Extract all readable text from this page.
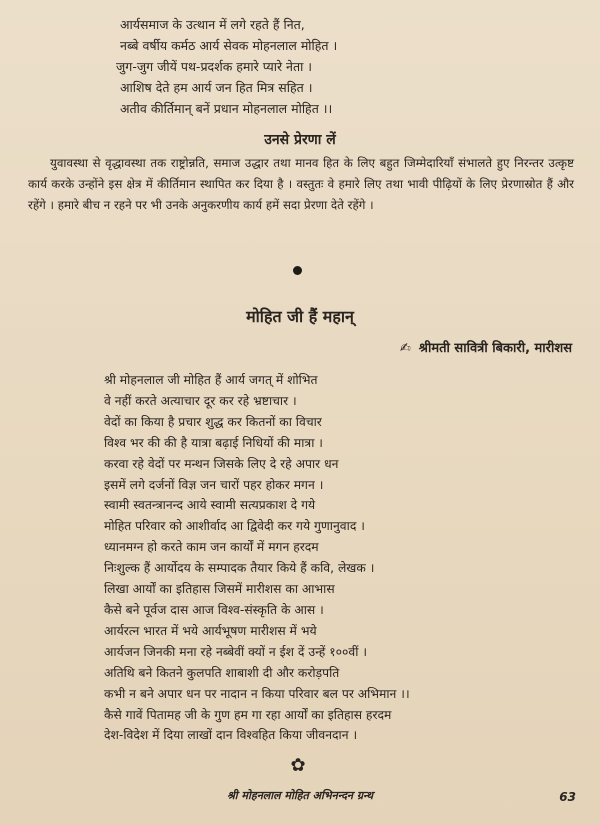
आर्यसमाज के उत्थान में लगे रहते हैं नित,
नब्बे वर्षीय कर्मठ आर्य सेवक मोहनलाल मोहित ।
जुग-जुग जीयें पथ-प्रदर्शक हमारे प्यारे नेता ।
आशिष देते हम आर्य जन हित मित्र सहित ।
अतीव कीर्तिमान् बनें प्रधान मोहनलाल मोहित ।।
उनसे प्रेरणा लें
युवावस्था से वृद्धावस्था तक राष्ट्रोन्नति, समाज उद्धार तथा मानव हित के लिए बहुत जिम्मेदारियाँ संभालते हुए निरन्तर उत्कृष्ट कार्य करके उन्होंने इस क्षेत्र में कीर्तिमान स्थापित कर दिया है । वस्तुतः वे हमारे लिए तथा भावी पीढ़ियों के लिए प्रेरणास्रोत हैं और रहेंगे । हमारे बीच न रहने पर भी उनके अनुकरणीय कार्य हमें सदा प्रेरणा देते रहेंगे ।
मोहित जी हैं महान्
✍ श्रीमती सावित्री बिकारी, मारीशस
श्री मोहनलाल जी मोहित हैं आर्य जगत् में शोभित
वे नहीं करते अत्याचार दूर कर रहे भ्रष्टाचार ।
वेदों का किया है प्रचार शुद्ध कर कितनों का विचार
विश्व भर की की है यात्रा बढ़ाई निधियों की मात्रा ।
करवा रहे वेदों पर मन्थन जिसके लिए दे रहे अपार धन
इसमें लगे दर्जनों विज्ञ जन चारों पहर होकर मगन ।
स्वामी स्वतन्त्रानन्द आये स्वामी सत्यप्रकाश दे गये
मोहित परिवार को आशीर्वाद आ द्विवेदी कर गये गुणानुवाद ।
ध्यानमग्न हो करते काम जन कार्यों में मगन हरदम
निःशुल्क हैं आर्योदय के सम्पादक तैयार किये हैं कवि, लेखक ।
लिखा आर्यों का इतिहास जिसमें मारीशस का आभास
कैसे बने पूर्वज दास आज विश्व-संस्कृति के आस ।
आर्यरत्न भारत में भये आर्यभूषण मारीशस में भये
आर्यजन जिनकी मना रहे नब्बेवीं क्यों न ईश दें उन्हें १००वीं ।
अतिथि बने कितने कुलपति शाबाशी दी और करोड़पति
कभी न बने अपार धन पर नादान न किया परिवार बल पर अभिमान ।।
कैसे गावें पितामह जी के गुण हम गा रहा आर्यों का इतिहास हरदम
देश-विदेश में दिया लाखों दान विश्वहित किया जीवनदान ।
✿
श्री मोहनलाल मोहित अभिनन्दन ग्रन्थ	63
